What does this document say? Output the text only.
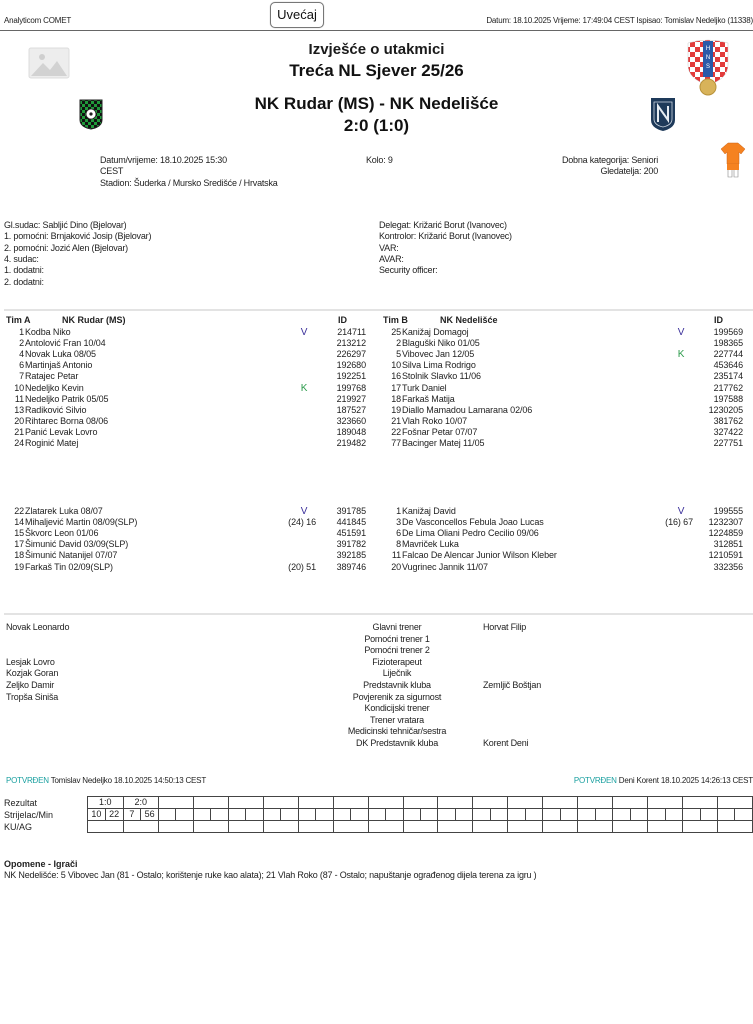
Analyticom COMET	Uvećaj	Datum: 18.10.2025 Vrijeme: 17:49:04 CEST Ispisao: Tomislav Nedeljko (11338)
H
N
S
Izvješće o utakmici
Treća NL Sjever 25/26
NK Rudar (MS) - NK Nedelišće
2:0 (1:0)
Datum/vrijeme: 18.10.2025 15:30
CEST
Stadion: Šuderka / Mursko Središće / Hrvatska
Kolo: 9	Dobna kategorija: Seniori
Gledatelja: 200
Gl.sudac: Sabljić Dino (Bjelovar)
1. pomoćni: Brnjaković Josip (Bjelovar)
2. pomoćni: Jozić Alen (Bjelovar)
4. sudac:
1. dodatni:
2. dodatni:
Delegat: Križarić Borut (Ivanovec)
Kontrolor: Križarić Borut (Ivanovec)
VAR:
AVAR:
Security officer:
Tim A	NK Rudar (MS)	ID	Tim B	NK Nedelišće	ID
1 Kodba Niko	V	214711
2 Antolović Fran 10/04	213212
4 Novak Luka 08/05	226297
6 Martinjaš Antonio	192680
7 Ratajec Petar	192251
10 Nedeljko Kevin	K	199768
11 Nedeljko Patrik 05/05	219927
13 Radiković Silvio	187527
20 Rihtarec Borna 08/06	323660
21 Panić Levak Lovro	189048
24 Roginić Matej	219482
22 Zlatarek Luka 08/07	V	391785
14 Mihaljević Martin 08/09(SLP)	(24) 16	441845
15 Škvorc Leon 01/06	451591
17 Šimunić David 03/09(SLP)	391782
18 Šimunić Natanijel 07/07	392185
19 Farkaš Tin 02/09(SLP)	(20) 51	389746
25 Kanižaj Domagoj	V	199569
2 Blaguški Niko 01/05	198365
5 Vibovec Jan 12/05	K	227744
10 Silva Lima Rodrigo	453646
16 Stolnik Slavko 11/06	235174
17 Turk Daniel	217762
18 Farkaš Matija	197588
19 Diallo Mamadou Lamarana 02/06	1230205
21 Vlah Roko 10/07	381762
22 Fošnar Petar 07/07	327422
77 Bacinger Matej 11/05	227751
1 Kanižaj David	V	199555
3 De Vasconcellos Febula Joao Lucas	(16) 67	1232307
6 De Lima Oliani Pedro Cecilio 09/06	1224859
8 Mavriček Luka	312851
11 Falcao De Alencar Junior Wilson Kleber	1210591
20 Vugrinec Jannik 11/07	332356
Novak Leonardo	Glavni trener	Horvat Filip
Pomoćni trener 1
Pomoćni trener 2
Lesjak Lovro	Fizioterapeut
Kozjak Goran	Liječnik
Zeljko Damir	Predstavnik kluba	Zemljič Boštjan
Tropša Siniša	Povjerenik za sigurnost
Kondicijski trener
Trener vratara
Medicinski tehničar/sestra
DK Predstavnik kluba	Korent Deni
POTVRĐEN Tomislav Nedeljko 18.10.2025 14:50:13 CEST	POTVRĐEN Deni Korent 18.10.2025 14:26:13 CEST
Rezultat
Strijelac/Min
KU/AG
1:0		2:0																																			
10	22	7	56																																		

Opomene - Igrači
NK Nedelišće: 5 Vibovec Jan (81 - Ostalo; korištenje ruke kao alata); 21 Vlah Roko (87 - Ostalo; napuštanje ograđenog dijela terena za igru )
